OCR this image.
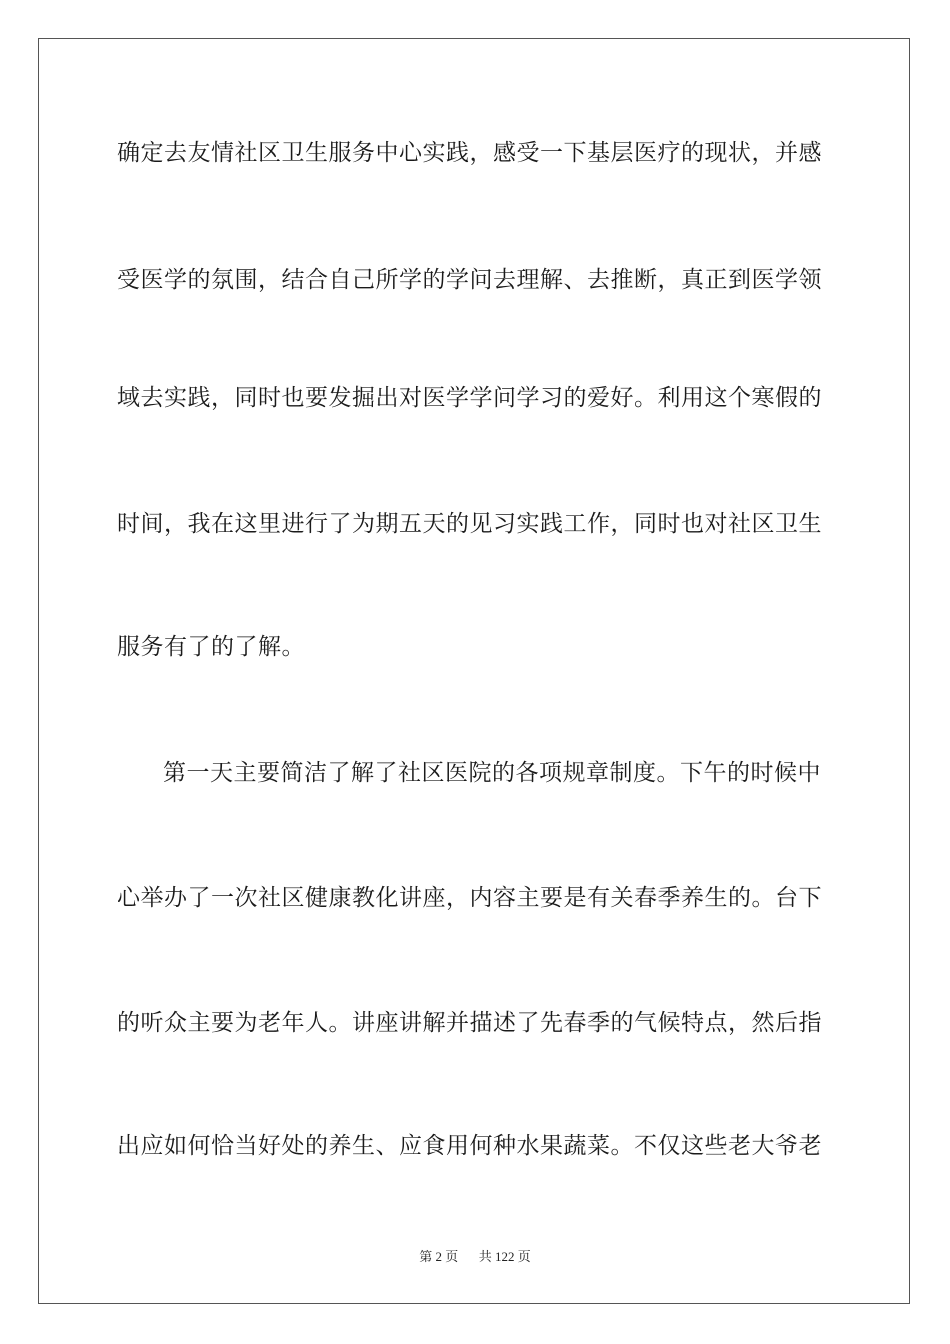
确定去友情社区卫生服务中心实践，感受一下基层医疗的现状，并感
受医学的氛围，结合自己所学的学问去理解、去推断，真正到医学领
域去实践，同时也要发掘出对医学学问学习的爱好。利用这个寒假的
时间，我在这里进行了为期五天的见习实践工作，同时也对社区卫生
服务有了的了解。
第一天主要简洁了解了社区医院的各项规章制度。下午的时候中
心举办了一次社区健康教化讲座，内容主要是有关春季养生的。台下
的听众主要为老年人。讲座讲解并描述了先春季的气候特点，然后指
出应如何恰当好处的养生、应食用何种水果蔬菜。不仅这些老大爷老
第 2 页 共 122 页
